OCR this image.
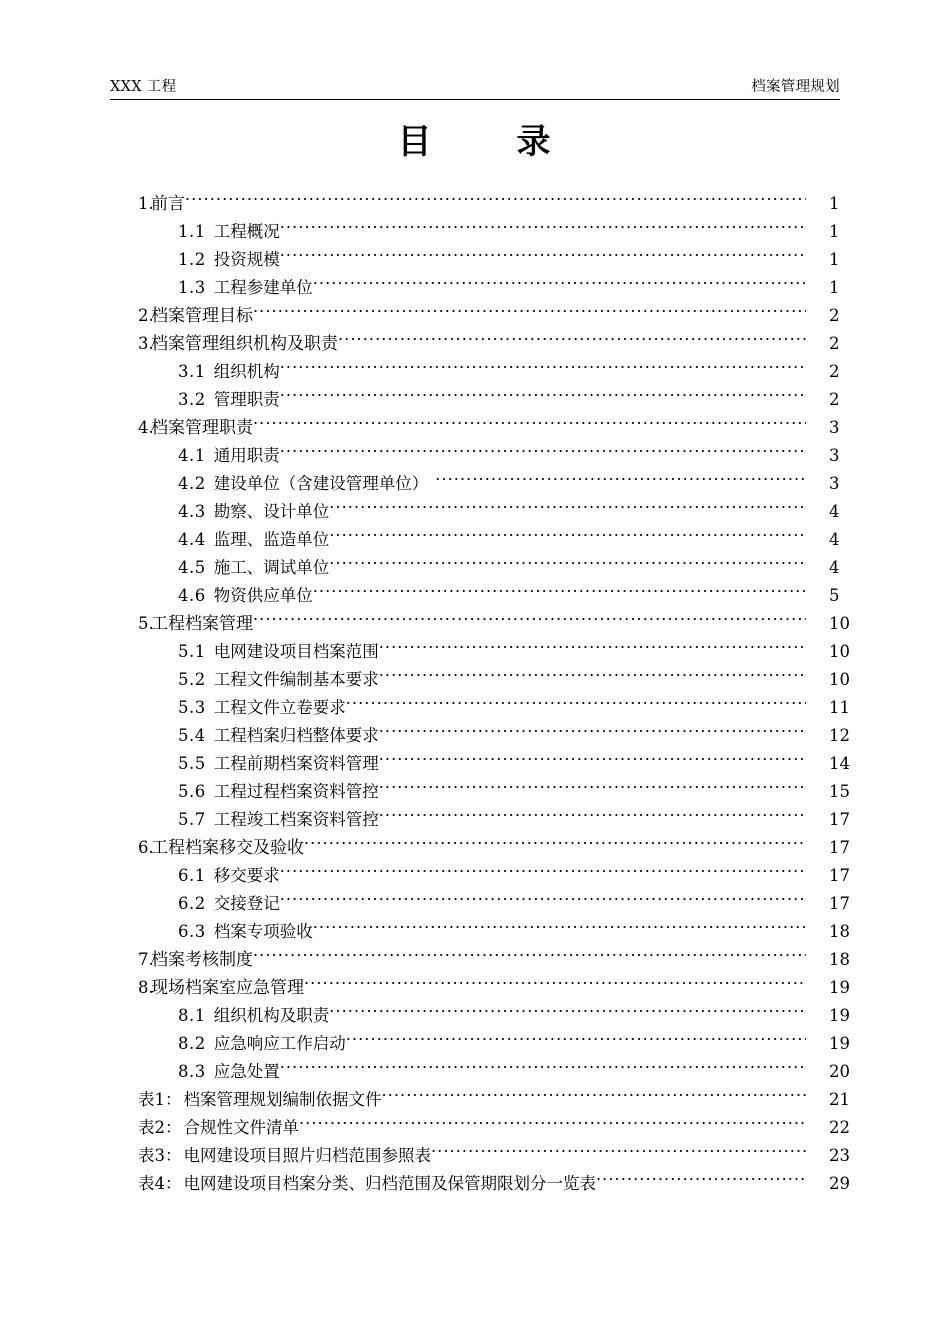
XXX 工程	档案管理规划
目      录
1.
前言 .....	1
1.1 工程概况 .....	1
1.2 投资规模 .....	1
1.3 工程参建单位 .....	1
2.
档案管理目标 .....	2
3.
档案管理组织机构及职责 .....	2
3.1 组织机构 .....	2
3.2 管理职责 .....	2
4.
档案管理职责 .....	3
4.1 通用职责 .....	3
4.2 建设单位（含建设管理单位） .....	3
4.3 勘察、设计单位 .....	4
4.4 监理、监造单位 .....	4
4.5 施工、调试单位 .....	4
4.6 物资供应单位 .....	5
5.
工程档案管理 .....	10
5.1 电网建设项目档案范围 .....	10
5.2 工程文件编制基本要求 .....	10
5.3 工程文件立卷要求 .....	11
5.4 工程档案归档整体要求 .....	12
5.5 工程前期档案资料管理 .....	14
5.6 工程过程档案资料管控 .....	15
5.7 工程竣工档案资料管控 .....	17
6.
工程档案移交及验收 .....	17
6.1 移交要求 .....	17
6.2 交接登记 .....	17
6.3 档案专项验收 .....	18
7.
档案考核制度 .....	18
8.
现场档案室应急管理 .....	19
8.1 组织机构及职责 .....	19
8.2 应急响应工作启动 .....	19
8.3 应急处置 .....	20
表1： 档案管理规划编制依据文件 .....	21
表2： 合规性文件清单 .....	22
表3： 电网建设项目照片归档范围参照表 .....	23
表4： 电网建设项目档案分类、归档范围及保管期限划分一览表 .....	29
